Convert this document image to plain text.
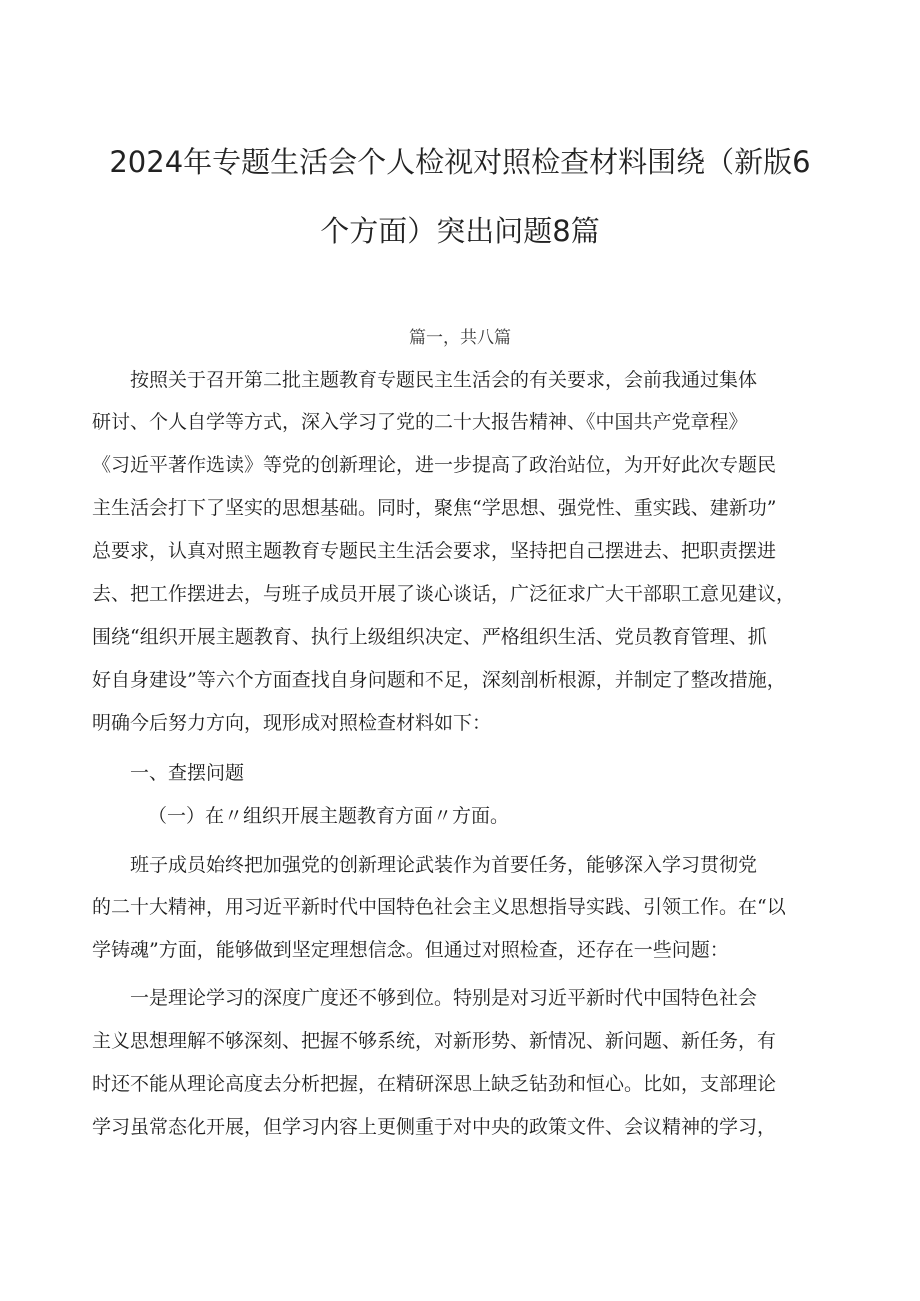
2024年专题生活会个人检视对照检查材料围绕（新版6
个方面）突出问题8篇
篇一，共八篇
按照关于召开第二批主题教育专题民主生活会的有关要求，会前我通过集体
研讨、个人自学等方式，深入学习了党的二十大报告精神、《中国共产党章程》
《习近平著作选读》等党的创新理论，进一步提高了政治站位，为开好此次专题民
主生活会打下了坚实的思想基础。同时，聚焦“学思想、强党性、重实践、建新功”
总要求，认真对照主题教育专题民主生活会要求，坚持把自己摆进去、把职责摆进
去、把工作摆进去，与班子成员开展了谈心谈话，广泛征求广大干部职工意见建议，
围绕“组织开展主题教育、执行上级组织决定、严格组织生活、党员教育管理、抓
好自身建设”等六个方面查找自身问题和不足，深刻剖析根源，并制定了整改措施，
明确今后努力方向，现形成对照检查材料如下：
一、查摆问题
（一）在〃组织开展主题教育方面〃方面。
班子成员始终把加强党的创新理论武装作为首要任务，能够深入学习贯彻党
的二十大精神，用习近平新时代中国特色社会主义思想指导实践、引领工作。在“以
学铸魂”方面，能够做到坚定理想信念。但通过对照检查，还存在一些问题：
一是理论学习的深度广度还不够到位。特别是对习近平新时代中国特色社会
主义思想理解不够深刻、把握不够系统，对新形势、新情况、新问题、新任务，有
时还不能从理论高度去分析把握，在精研深思上缺乏钻劲和恒心。比如，支部理论
学习虽常态化开展，但学习内容上更侧重于对中央的政策文件、会议精神的学习，
